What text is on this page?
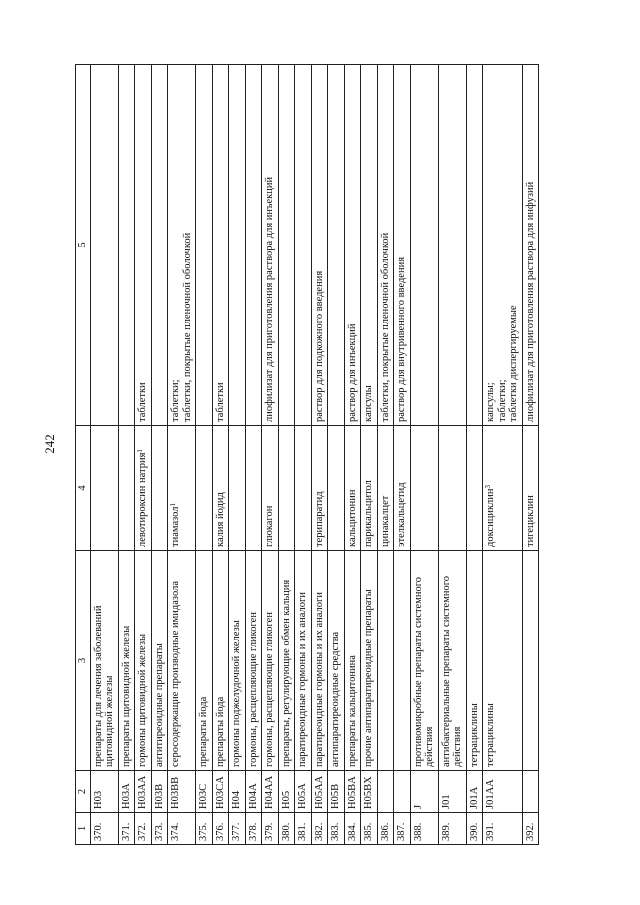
242
1	2	3	4	5
370.	H03	препараты для лечения заболеваний щитовидной железы		
371.	H03A	препараты щитовидной железы		
372.	H03AA	гормоны щитовидной железы	левотироксин натрия$^1$	таблетки

373.	H03B	антитиреоидные препараты		
374.	H03BB	серосодержащие производные имидазола	тиамазол$^1$	таблетки; таблетки, покрытые пленочной оболочкой

375.	H03C	препараты йода		
376.	H03CA	препараты йода	калия йодид	таблетки

377.	H04	гормоны поджелудочной железы		
378.	H04A	гормоны, расщепляющие гликоген		
379.	H04AA	гормоны, расщепляющие гликоген	глюкагон	лиофилизат для приготовления раствора для инъекций

380.	H05	препараты, регулирующие обмен кальция		
381.	H05A	паратиреоидные гормоны и их аналоги		
382.	H05AA	паратиреоидные гормоны и их аналоги	терипаратид	раствор для подкожного введения

383.	H05B	антипаратиреоидные средства		
384.	H05BA	препараты кальцитонина	кальцитонин	раствор для инъекций

385.	H05BX	прочие антипаратиреоидные препараты	парикальцитол	капсулы

386.			цинакалцет	таблетки, покрытые пленочной оболочкой

387.			этелкальцетид	раствор для внутривенного введения

388.	J	противомикробные препараты системного действия		
389.	J01	антибактериальные препараты системного действия		
390.	J01A	тетрациклины		
391.	J01AA	тетрациклины	доксициклин$^3$	капсулы; таблетки; таблетки диспергируемые

392.			тигециклин	лиофилизат для приготовления раствора для инфузий
